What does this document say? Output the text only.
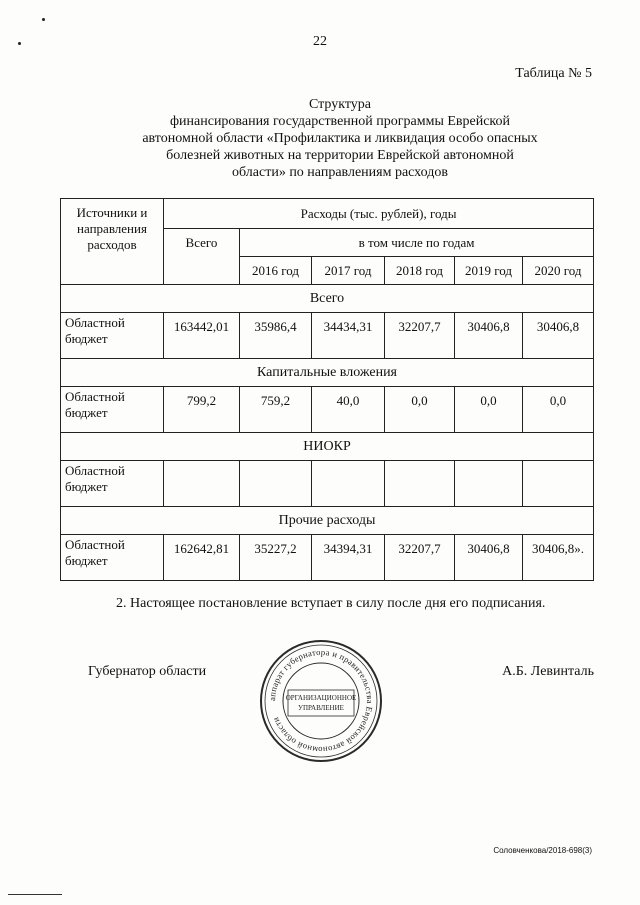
22
Таблица № 5
Структура
финансирования государственной программы Еврейской
автономной области «Профилактика и ликвидация особо опасных
болезней животных на территории Еврейской автономной
области» по направлениям расходов
Источники и направления расходов	Расходы (тыс. рублей), годы					
	Всего	в том числе по годам				
		2016 год	2017 год	2018 год	2019 год	2020 год
Всего						
Областной бюджет	163442,01	35986,4	34434,31	32207,7	30406,8	30406,8
Капитальные вложения						
Областной бюджет	799,2	759,2	40,0	0,0	0,0	0,0
НИОКР						
Областной бюджет						
Прочие расходы						
Областной бюджет	162642,81	35227,2	34394,31	32207,7	30406,8	30406,8».
2. Настоящее постановление вступает в силу после дня его подписания.
Губернатор области	А.Б. Левинталь
аппарат губернатора и правительства Еврейской автономной области
ОРГАНИЗАЦИОННОЕ
УПРАВЛЕНИЕ
Соловченкова/2018-698(3)
